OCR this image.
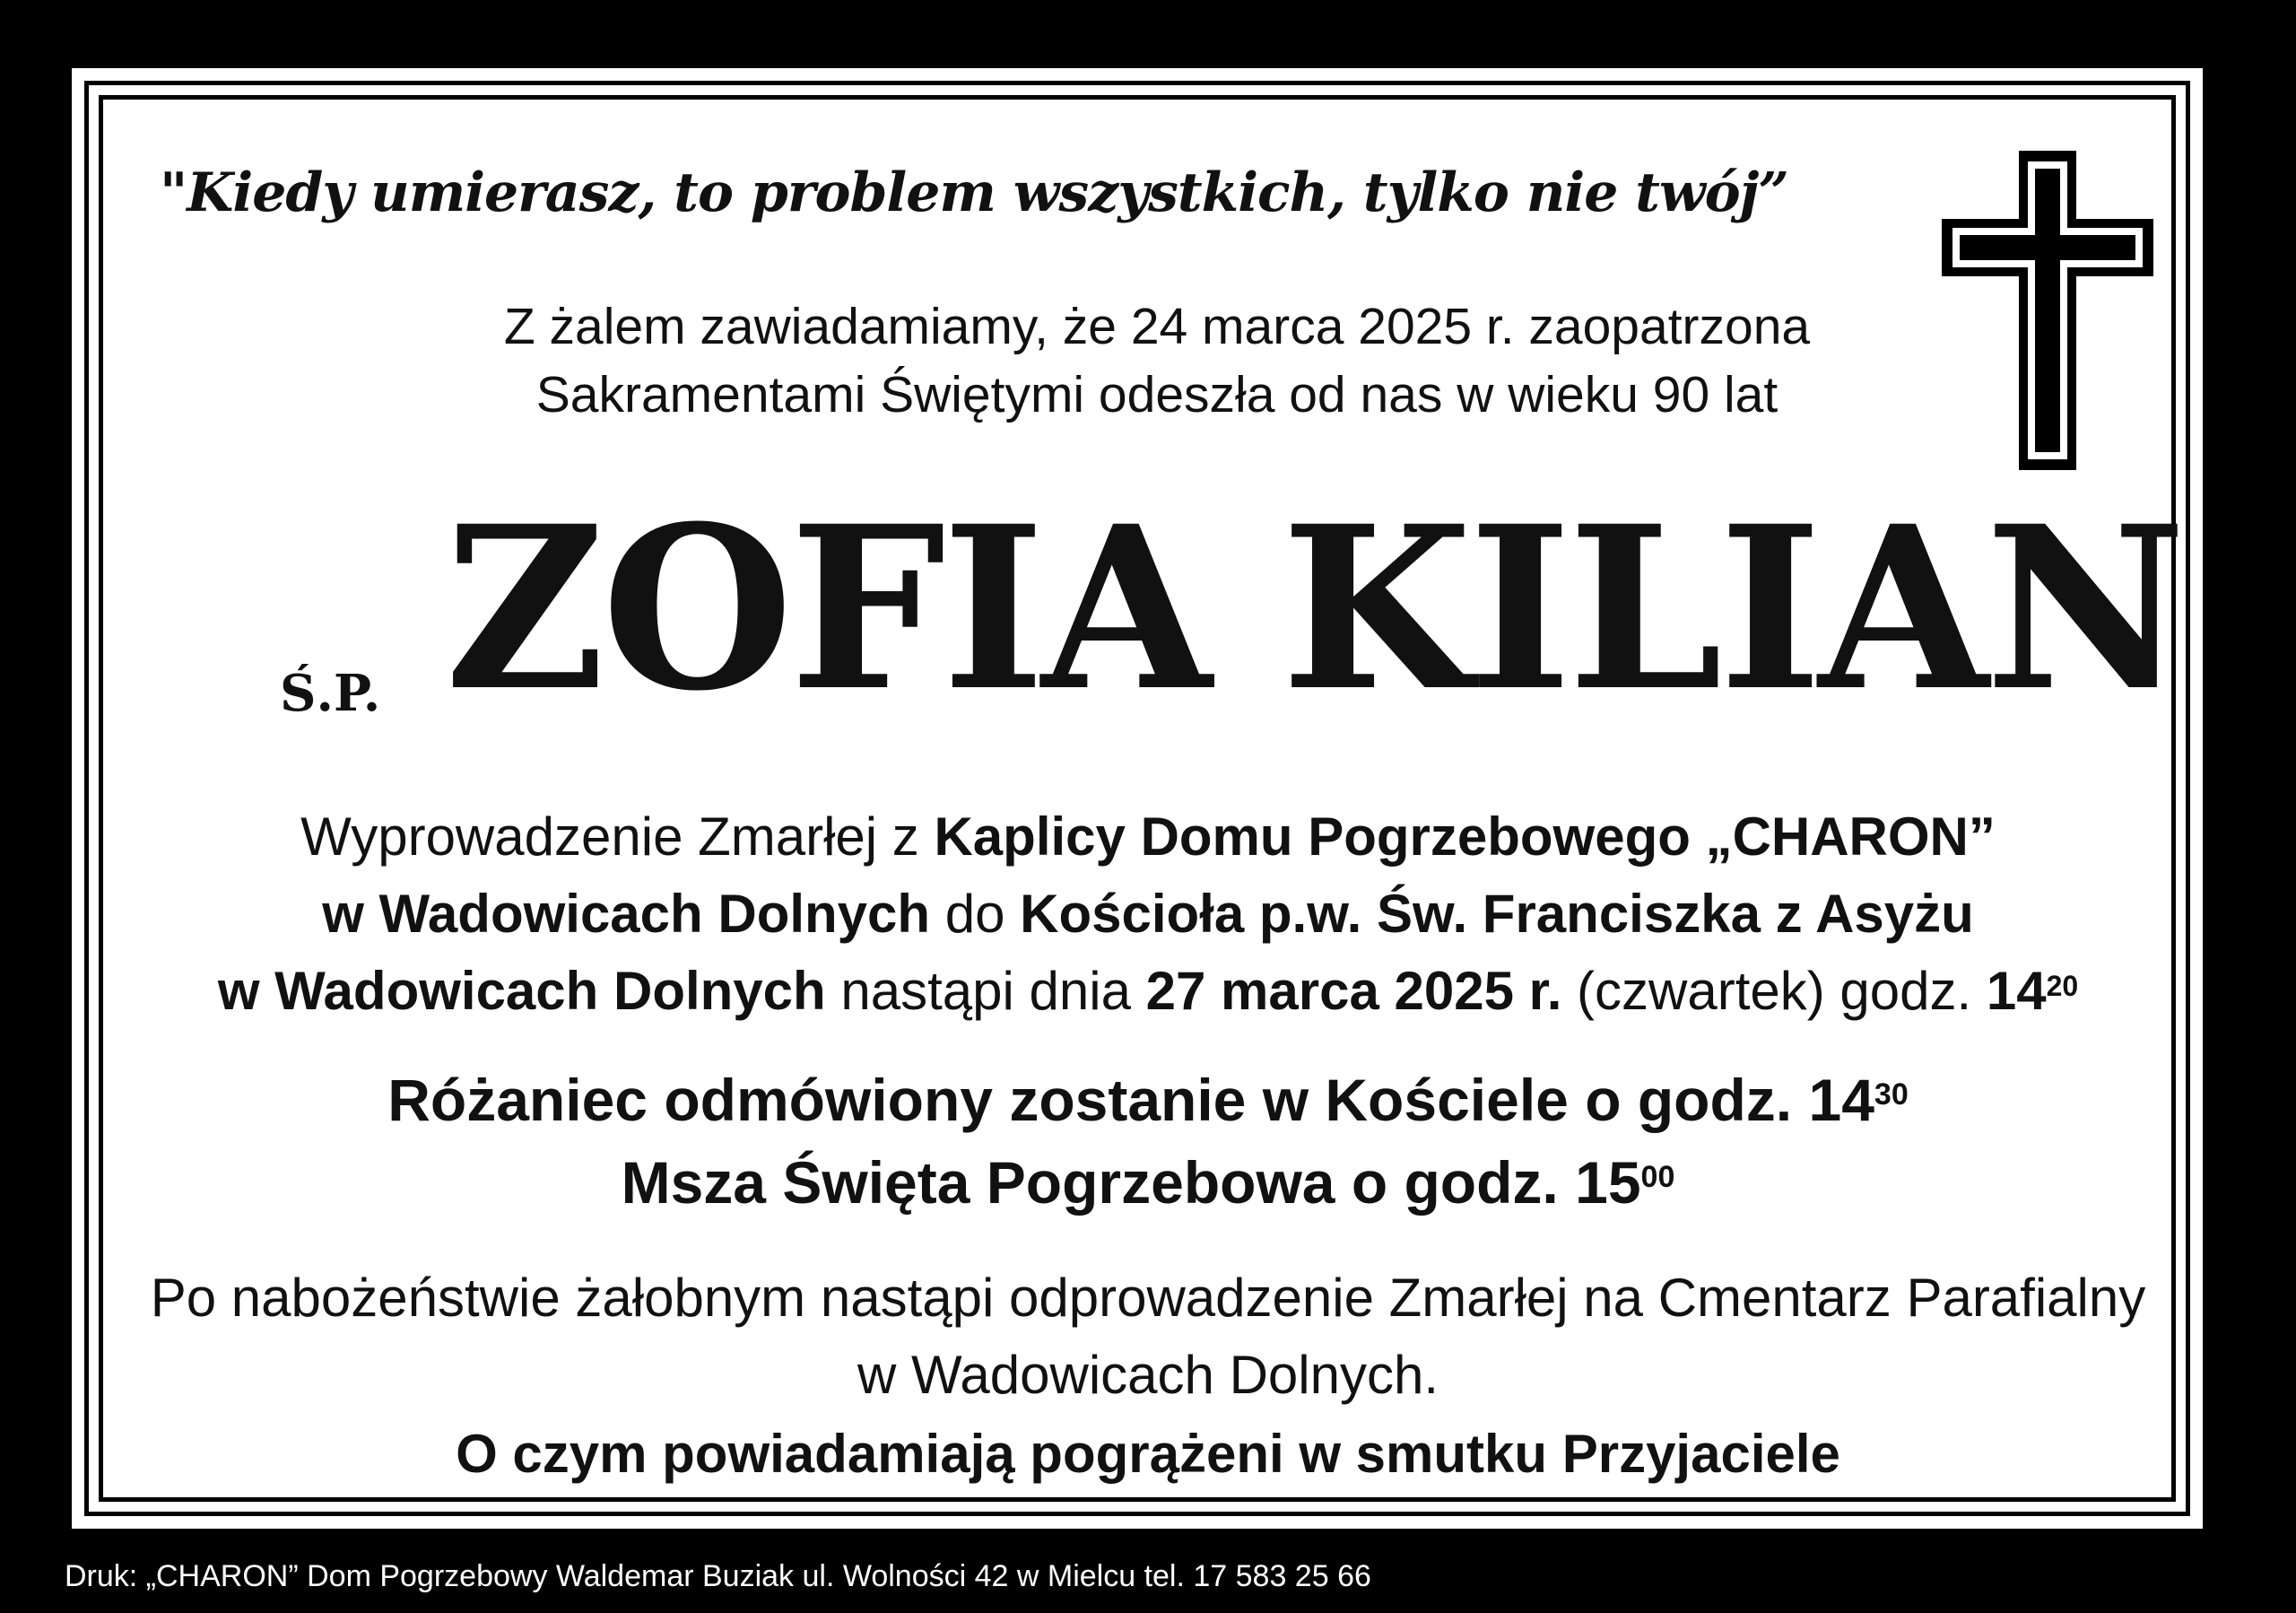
"Kiedy umierasz, to problem wszystkich, tylko nie twój”
Z żalem zawiadamiamy, że 24 marca 2025 r. zaopatrzona
Sakramentami Świętymi odeszła od nas w wieku 90 lat
Ś.P. ZOFIA KILIAN
Wyprowadzenie Zmarłej z Kaplicy Domu Pogrzebowego „CHARON”
w Wadowicach Dolnych do Kościoła p.w. Św. Franciszka z Asyżu
w Wadowicach Dolnych nastąpi dnia 27 marca 2025 r. (czwartek) godz. $14^{20}$
Różaniec odmówiony zostanie w Kościele o godz. $14^{30}$
Msza Święta Pogrzebowa o godz. $15^{00}$
Po nabożeństwie żałobnym nastąpi odprowadzenie Zmarłej na Cmentarz Parafialny
w Wadowicach Dolnych.
O czym powiadamiają pogrążeni w smutku Przyjaciele
Druk: „CHARON” Dom Pogrzebowy Waldemar Buziak ul. Wolności 42 w Mielcu tel. 17 583 25 66
